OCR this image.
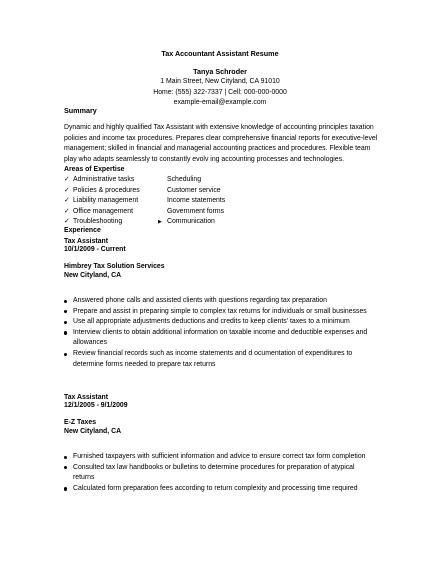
Tax Accountant Assistant Resume
Tanya Schroder
1 Main Street, New Cityland, CA 91010
Home: (555) 322-7337 | Cell: 000-000-0000
example-email@example.com
Summary
Dynamic and highly qualified Tax Assistant with extensive knowledge of accounting principles taxation policies and income tax procedures. Prepares clear comprehensive financial reports for executive-level management; skilled in financial and managerial accounting practices and procedures. Flexible team play who adapts seamlessly to constantly evolv ing accounting processes and technologies.
Areas of Expertise
✓ Administrative tasks
✓ Policies & procedures
✓ Liability management
✓ Office management
✓ Troubleshooting
Scheduling
Customer service
Income statements
Government forms
▶ Communication
Experience
Tax Assistant
10/1/2009 - Current
Himbrey Tax Solution Services
New Cityland, CA
Answered phone calls and assisted clients with questions regarding tax preparation
Prepare and assist in preparing simple to complex tax returns for individuals or small businesses
Use all appropriate adjustments deductions and credits to keep clients' taxes to a minimum
Interview clients to obtain additional information on taxable income and deductible expenses and allowances
Review financial records such as income statements and d ocumentation of expenditures to determine forms needed to prepare tax returns
Tax Assistant
12/1/2005 - 9/1/2009
E-Z Taxes
New Cityland, CA
Furnished taxpayers with sufficient information and advice to ensure correct tax form completion
Consulted tax law handbooks or bulletins to determine procedures for preparation of atypical returns
Calculated form preparation fees according to return complexity and processing time required
